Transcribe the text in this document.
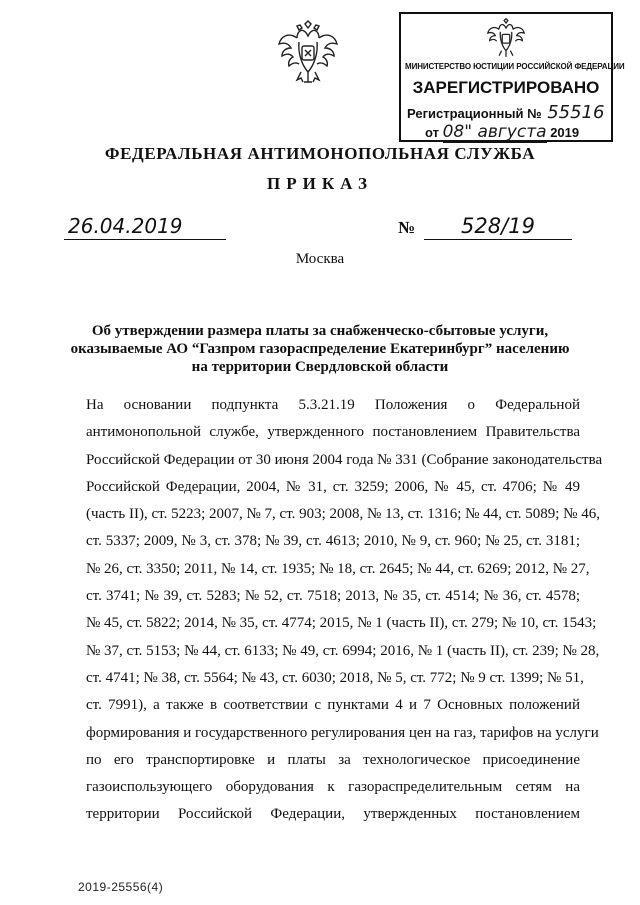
МИНИСТЕРСТВО ЮСТИЦИИ РОССИЙСКОЙ ФЕДЕРАЦИИ
ЗАРЕГИСТРИРОВАНО
Регистрационный № 55516
от 08" августа 2019
ФЕДЕРАЛЬНАЯ АНТИМОНОПОЛЬНАЯ СЛУЖБА
ПРИКАЗ
26.04.2019	№	528/19
Москва
Об утверждении размера платы за снабженческо-сбытовые услуги,
оказываемые АО “Газпром газораспределение Екатеринбург” населению
на территории Свердловской области

На основании подпункта 5.3.21.19 Положения о Федеральной
антимонопольной службе, утвержденного постановлением Правительства
Российской Федерации от 30 июня 2004 года № 331 (Собрание законодательства
Российской Федерации, 2004, № 31, ст. 3259; 2006, № 45, ст. 4706; № 49
(часть II), ст. 5223; 2007, № 7, ст. 903; 2008, № 13, ст. 1316; № 44, ст. 5089; № 46,
ст. 5337; 2009, № 3, ст. 378; № 39, ст. 4613; 2010, № 9, ст. 960; № 25, ст. 3181;
№ 26, ст. 3350; 2011, № 14, ст. 1935; № 18, ст. 2645; № 44, ст. 6269; 2012, № 27,
ст. 3741; № 39, ст. 5283; № 52, ст. 7518; 2013, № 35, ст. 4514; № 36, ст. 4578;
№ 45, ст. 5822; 2014, № 35, ст. 4774; 2015, № 1 (часть II), ст. 279; № 10, ст. 1543;
№ 37, ст. 5153; № 44, ст. 6133; № 49, ст. 6994; 2016, № 1 (часть II), ст. 239; № 28,
ст. 4741; № 38, ст. 5564; № 43, ст. 6030; 2018, № 5, ст. 772; № 9 ст. 1399; № 51,
ст. 7991), а также в соответствии с пунктами 4 и 7 Основных положений
формирования и государственного регулирования цен на газ, тарифов на услуги
по его транспортировке и платы за технологическое присоединение
газоиспользующего оборудования к газораспределительным сетям на
территории Российской Федерации, утвержденных постановлением

2019-25556(4)
